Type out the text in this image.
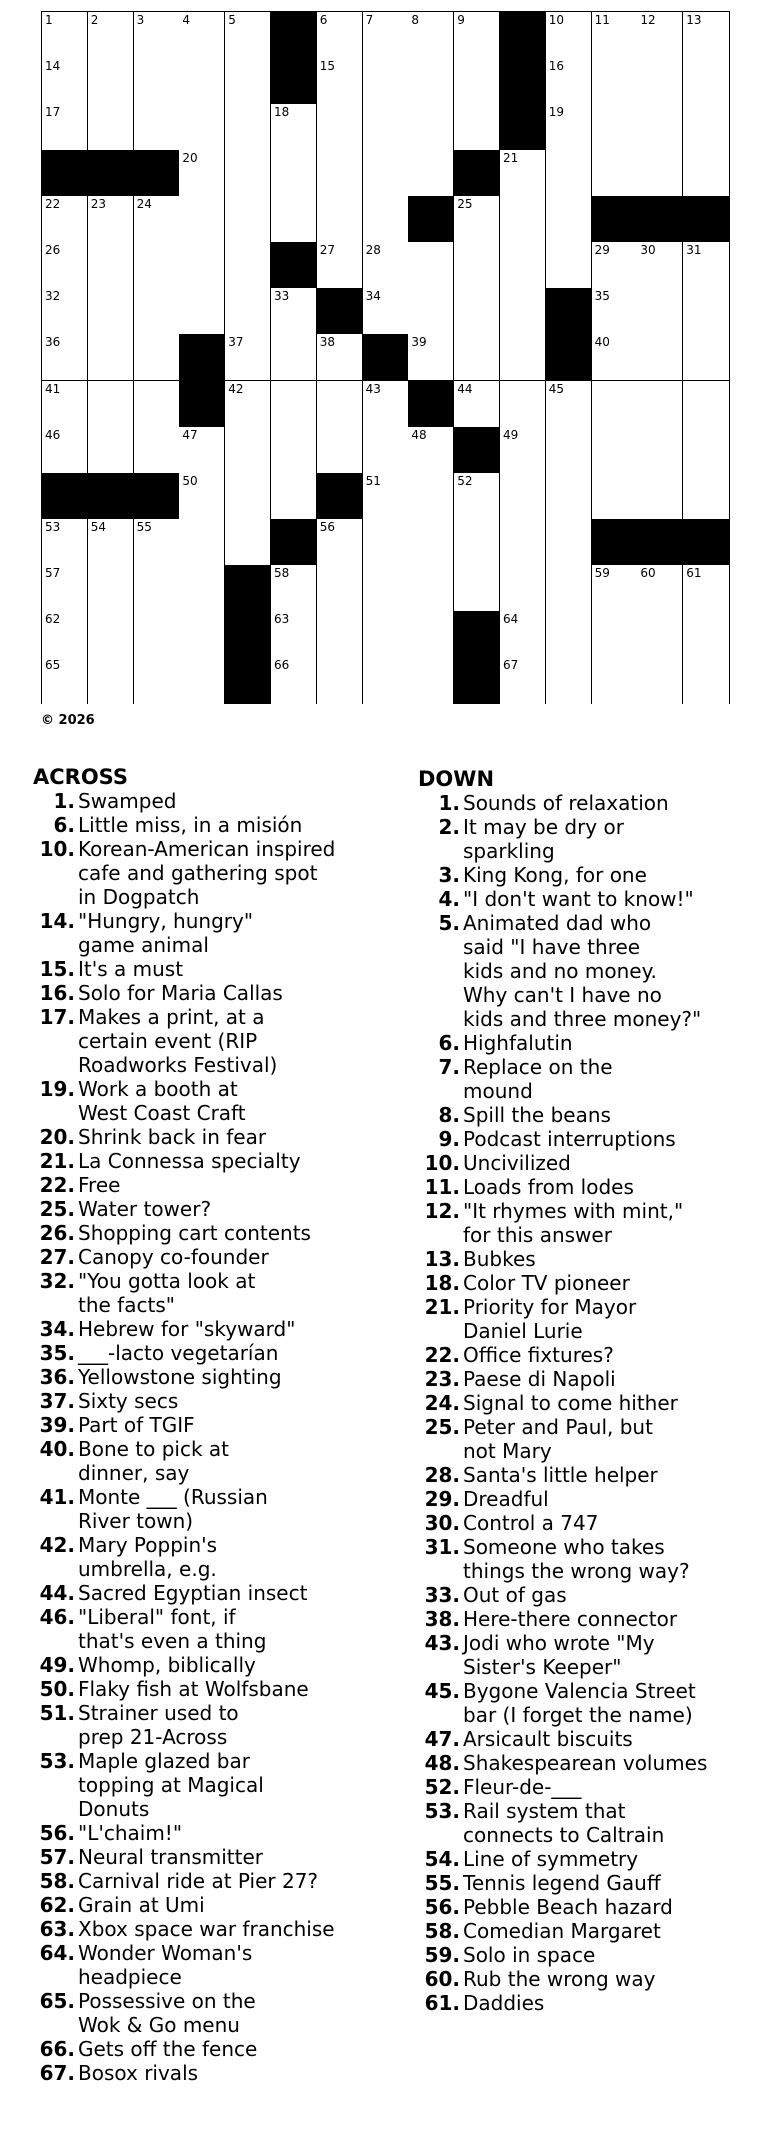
1	2	3	4	5	6	7	8	9	10	11	12	13
14	15	16
17	18	19
20	21
22	23	24	25
26	27	28	29	30	31
32	33	34	35
36	37	38	39	40
41	42	43	44	45
46	47	48	49
50	51	52
53	54	55	56
57	58	59	60	61
62	63	64
65	66	67
© 2026
ACROSS
1. Swamped
6. Little miss, in a misión
10. Korean-American inspired
cafe and gathering spot
in Dogpatch
14. "Hungry, hungry"
game animal
15. It's a must
16. Solo for Maria Callas
17. Makes a print, at a
certain event (RIP
Roadworks Festival)
19. Work a booth at
West Coast Craft
20. Shrink back in fear
21. La Connessa specialty
22. Free
25. Water tower?
26. Shopping cart contents
27. Canopy co-founder
32. "You gotta look at
the facts"
34. Hebrew for "skyward"
35. ___-lacto vegetarían
36. Yellowstone sighting
37. Sixty secs
39. Part of TGIF
40. Bone to pick at
dinner, say
41. Monte ___ (Russian
River town)
42. Mary Poppin's
umbrella, e.g.
44. Sacred Egyptian insect
46. "Liberal" font, if
that's even a thing
49. Whomp, biblically
50. Flaky fish at Wolfsbane
51. Strainer used to
prep 21-Across
53. Maple glazed bar
topping at Magical
Donuts
56. "L'chaim!"
57. Neural transmitter
58. Carnival ride at Pier 27?
62. Grain at Umi
63. Xbox space war franchise
64. Wonder Woman's
headpiece
65. Possessive on the
Wok & Go menu
66. Gets off the fence
67. Bosox rivals
DOWN
1. Sounds of relaxation
2. It may be dry or
sparkling
3. King Kong, for one
4. "I don't want to know!"
5. Animated dad who
said "I have three
kids and no money.
Why can't I have no
kids and three money?"
6. Highfalutin
7. Replace on the
mound
8. Spill the beans
9. Podcast interruptions
10. Uncivilized
11. Loads from lodes
12. "It rhymes with mint,"
for this answer
13. Bubkes
18. Color TV pioneer
21. Priority for Mayor
Daniel Lurie
22. Office fixtures?
23. Paese di Napoli
24. Signal to come hither
25. Peter and Paul, but
not Mary
28. Santa's little helper
29. Dreadful
30. Control a 747
31. Someone who takes
things the wrong way?
33. Out of gas
38. Here-there connector
43. Jodi who wrote "My
Sister's Keeper"
45. Bygone Valencia Street
bar (I forget the name)
47. Arsicault biscuits
48. Shakespearean volumes
52. Fleur-de-___
53. Rail system that
connects to Caltrain
54. Line of symmetry
55. Tennis legend Gauff
56. Pebble Beach hazard
58. Comedian Margaret
59. Solo in space
60. Rub the wrong way
61. Daddies
